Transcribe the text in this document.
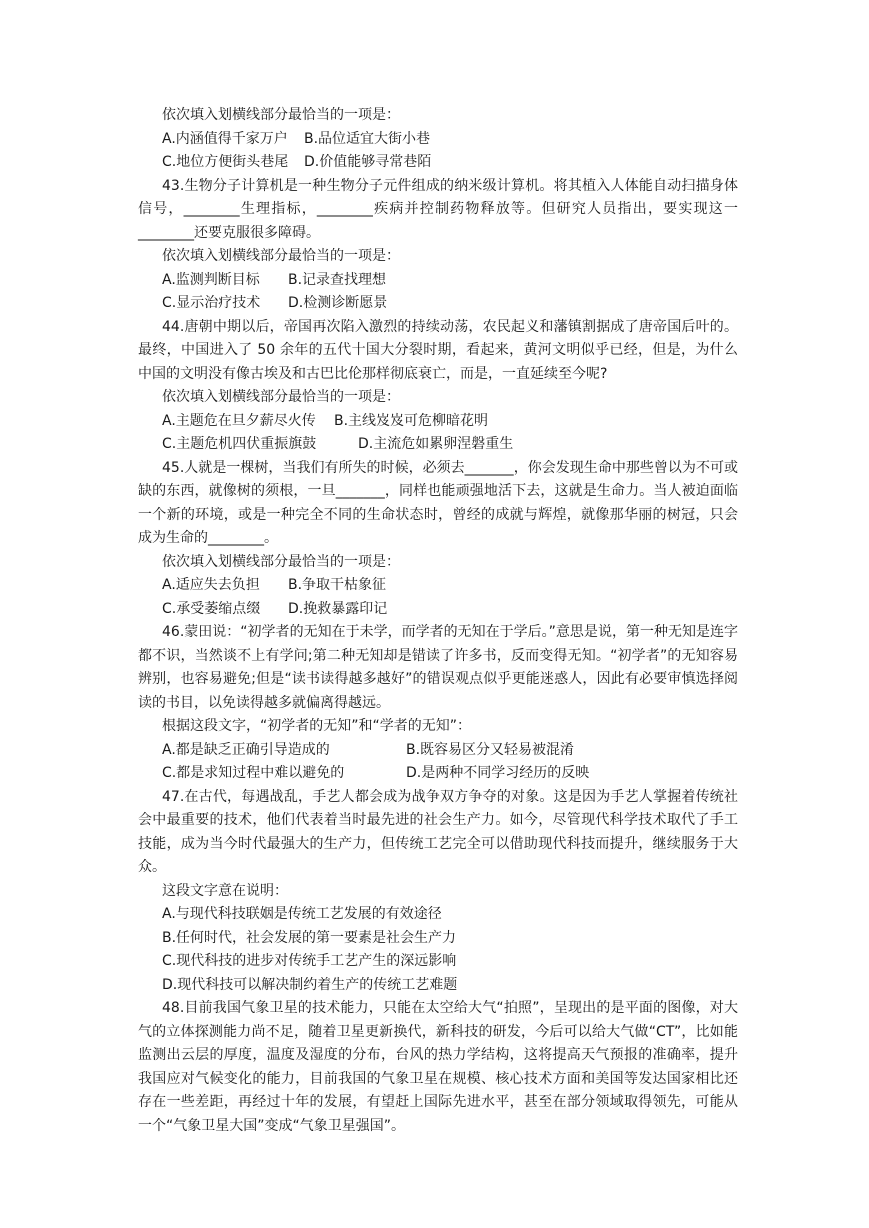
依次填入划横线部分最恰当的一项是：

A.内涵值得千家万户 B.品位适宜大街小巷
C.地位方便街头巷尾 D.价值能够寻常巷陌

43.生物分子计算机是一种生物分子元件组成的纳米级计算机。将其植入人体能自动扫描身体信号，________生理指标，________疾病并控制药物释放等。但研究人员指出，要实现这一________还要克服很多障碍。

依次填入划横线部分最恰当的一项是：

A.监测判断目标 B.记录查找理想
C.显示治疗技术 D.检测诊断愿景

44.唐朝中期以后，帝国再次陷入激烈的持续动荡，农民起义和藩镇割据成了唐帝国后叶的。最终，中国进入了 50 余年的五代十国大分裂时期，看起来，黄河文明似乎已经，但是，为什么中国的文明没有像古埃及和古巴比伦那样彻底衰亡，而是，一直延续至今呢?

依次填入划横线部分最恰当的一项是：

A.主题危在旦夕薪尽火传 B.主线岌岌可危柳暗花明
C.主题危机四伏重振旗鼓	D.主流危如累卵涅磐重生

45.人就是一棵树，当我们有所失的时候，必须去_______，你会发现生命中那些曾以为不可或缺的东西，就像树的须根，一旦_______，同样也能顽强地活下去，这就是生命力。当人被迫面临一个新的环境，或是一种完全不同的生命状态时，曾经的成就与辉煌，就像那华丽的树冠，只会成为生命的________。

依次填入划横线部分最恰当的一项是：

A.适应失去负担 B.争取干枯象征
C.承受萎缩点缀 D.挽救暴露印记

46.蒙田说：“初学者的无知在于未学，而学者的无知在于学后。”意思是说，第一种无知是连字都不识，当然谈不上有学问;第二种无知却是错读了许多书，反而变得无知。“初学者”的无知容易辨别，也容易避免;但是“读书读得越多越好”的错误观点似乎更能迷惑人，因此有必要审慎选择阅读的书目，以免读得越多就偏离得越远。

根据这段文字，“初学者的无知”和“学者的无知”：

A.都是缺乏正确引导造成的	B.既容易区分又轻易被混淆
C.都是求知过程中难以避免的	D.是两种不同学习经历的反映

47.在古代，每遇战乱，手艺人都会成为战争双方争夺的对象。这是因为手艺人掌握着传统社会中最重要的技术，他们代表着当时最先进的社会生产力。如今，尽管现代科学技术取代了手工技能，成为当今时代最强大的生产力，但传统工艺完全可以借助现代科技而提升，继续服务于大众。

这段文字意在说明：

A.与现代科技联姻是传统工艺发展的有效途径
B.任何时代，社会发展的第一要素是社会生产力
C.现代科技的进步对传统手工艺产生的深远影响
D.现代科技可以解决制约着生产的传统工艺难题

48.目前我国气象卫星的技术能力，只能在太空给大气“拍照”，呈现出的是平面的图像，对大气的立体探测能力尚不足，随着卫星更新换代，新科技的研发，今后可以给大气做“CT”，比如能监测出云层的厚度，温度及湿度的分布，台风的热力学结构，这将提高天气预报的准确率，提升我国应对气候变化的能力，目前我国的气象卫星在规模、核心技术方面和美国等发达国家相比还存在一些差距，再经过十年的发展，有望赶上国际先进水平，甚至在部分领域取得领先，可能从一个“气象卫星大国”变成“气象卫星强国”。
